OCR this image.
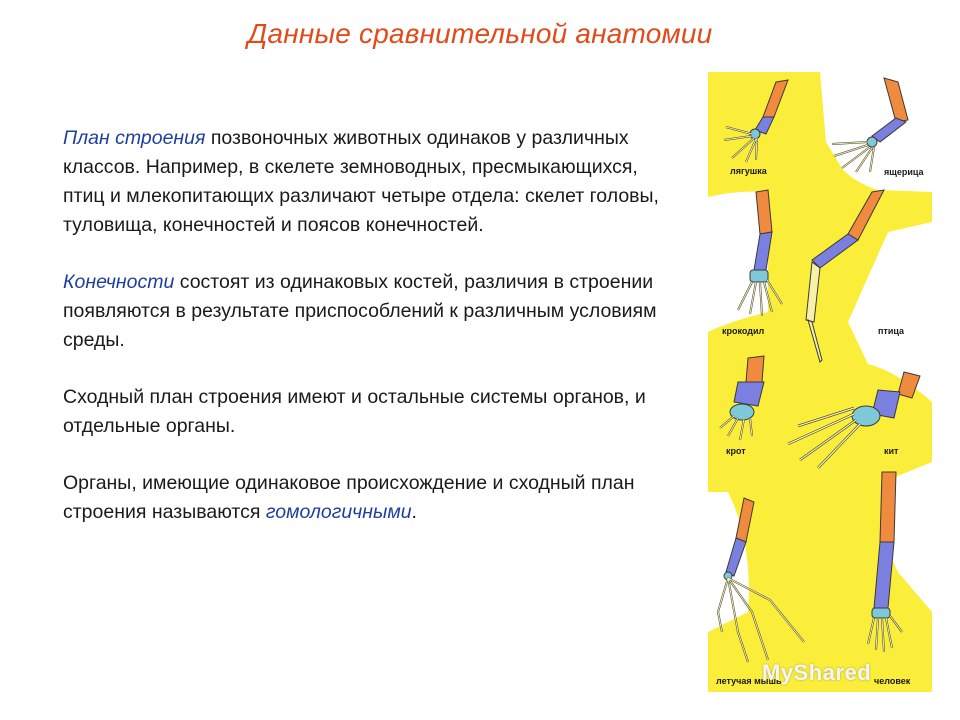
Данные сравнительной анатомии

План строения позвоночных животных одинаков у различных классов. Например, в скелете земноводных, пресмыкающихся, птиц и млекопитающих различают четыре отдела: скелет головы, туловища, конечностей и поясов конечностей.

Конечности состоят из одинаковых костей, различия в строении появляются в результате приспособлений к различным условиям среды.

Сходный план строения имеют и остальные системы органов, и отдельные органы.

Органы, имеющие одинаковое происхождение и сходный план строения называются гомологичными.

лягушка	ящерица
крокодил	птица
крот	кит
летучая мышь	человек
MyShared
